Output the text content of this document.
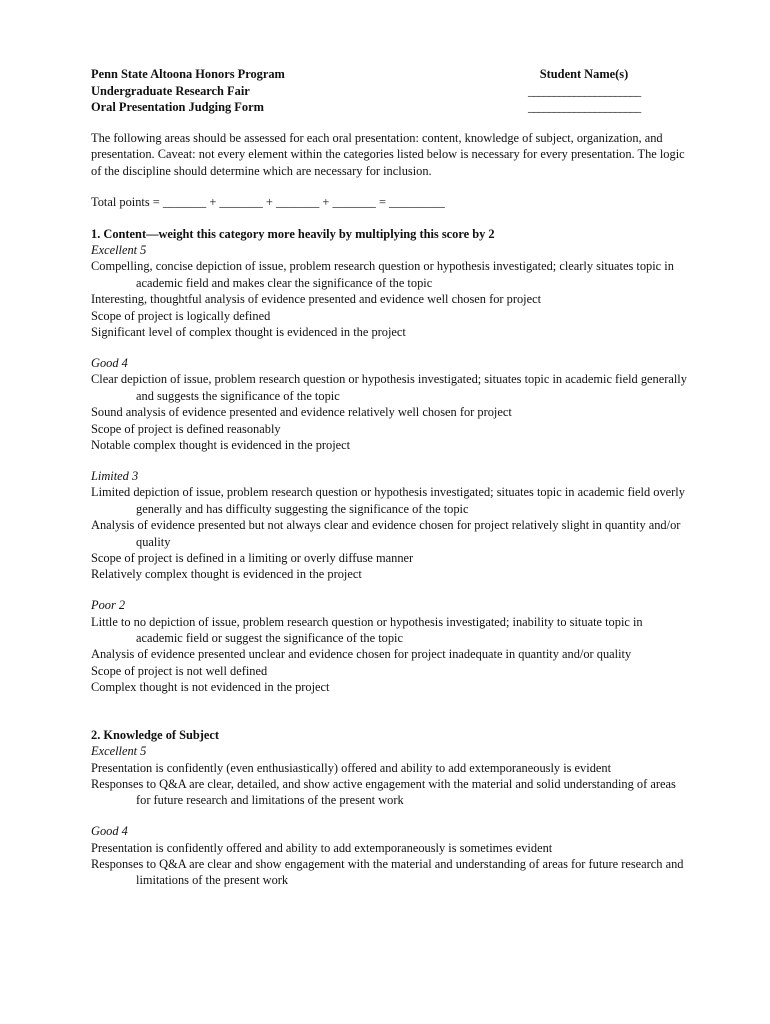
Penn State Altoona Honors Program
Undergraduate Research Fair
Oral Presentation Judging Form
Student Name(s)
______________________
______________________
The following areas should be assessed for each oral presentation: content, knowledge of subject, organization, and presentation. Caveat: not every element within the categories listed below is necessary for every presentation. The logic of the discipline should determine which are necessary for inclusion.
Total points = _______ + _______ + _______ + _______ = _________
1. Content—weight this category more heavily by multiplying this score by 2
Excellent 5
Compelling, concise depiction of issue, problem research question or hypothesis investigated; clearly situates topic in academic field and makes clear the significance of the topic
Interesting, thoughtful analysis of evidence presented and evidence well chosen for project
Scope of project is logically defined
Significant level of complex thought is evidenced in the project
Good 4
Clear depiction of issue, problem research question or hypothesis investigated; situates topic in academic field generally and suggests the significance of the topic
Sound analysis of evidence presented and evidence relatively well chosen for project
Scope of project is defined reasonably
Notable complex thought is evidenced in the project
Limited 3
Limited depiction of issue, problem research question or hypothesis investigated; situates topic in academic field overly generally and has difficulty suggesting the significance of the topic
Analysis of evidence presented but not always clear and evidence chosen for project relatively slight in quantity and/or quality
Scope of project is defined in a limiting or overly diffuse manner
Relatively complex thought is evidenced in the project
Poor 2
Little to no depiction of issue, problem research question or hypothesis investigated; inability to situate topic in academic field or suggest the significance of the topic
Analysis of evidence presented unclear and evidence chosen for project inadequate in quantity and/or quality
Scope of project is not well defined
Complex thought is not evidenced in the project
2. Knowledge of Subject
Excellent 5
Presentation is confidently (even enthusiastically) offered and ability to add extemporaneously is evident
Responses to Q&A are clear, detailed, and show active engagement with the material and solid understanding of areas for future research and limitations of the present work
Good 4
Presentation is confidently offered and ability to add extemporaneously is sometimes evident
Responses to Q&A are clear and show engagement with the material and understanding of areas for future research and limitations of the present work
